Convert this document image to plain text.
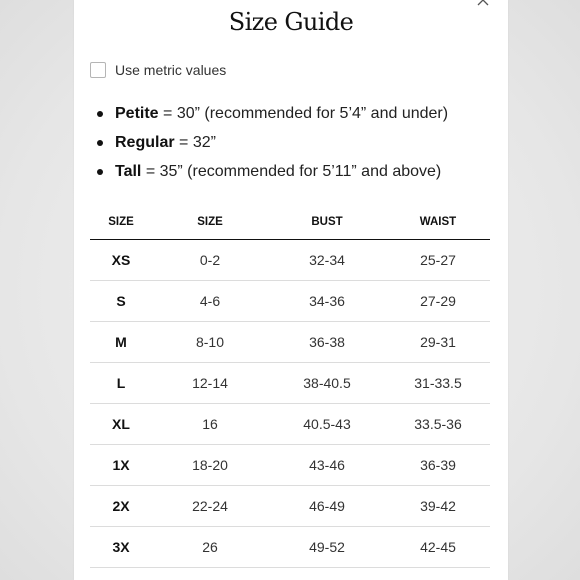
Size Guide
Use metric values
Petite = 30” (recommended for 5’4” and under)
Regular = 32”
Tall = 35” (recommended for 5’11” and above)
SIZE	SIZE	BUST	WAIST
XS	0-2	32-34	25-27
S	4-6	34-36	27-29
M	8-10	36-38	29-31
L	12-14	38-40.5	31-33.5
XL	16	40.5-43	33.5-36
1X	18-20	43-46	36-39
2X	22-24	46-49	39-42
3X	26	49-52	42-45
